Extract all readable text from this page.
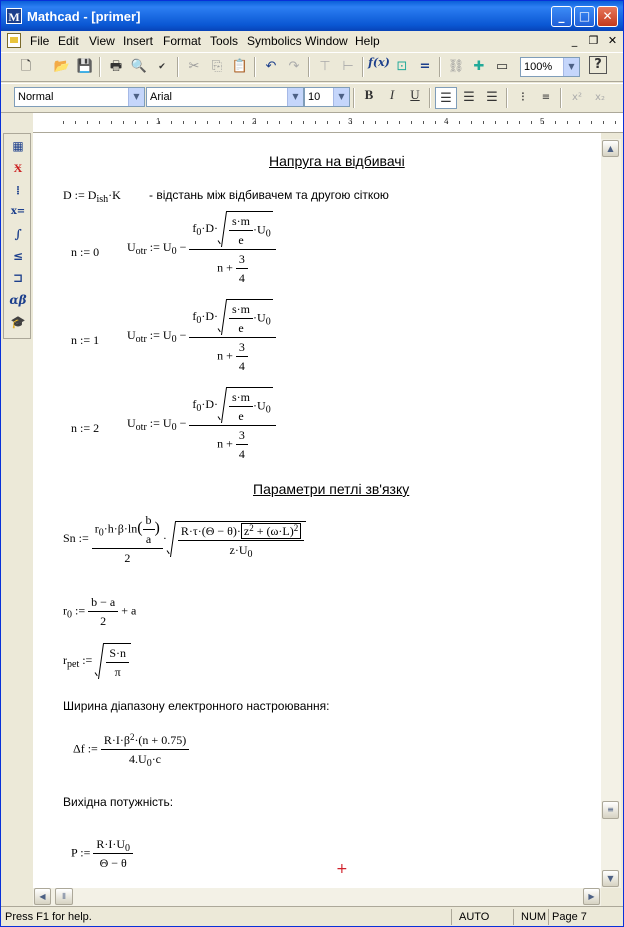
M Mathcad - [primer]	_	□	✕
File Edit View Insert Format Tools Symbolics Window Help	_	❐ ✕
🗋	📂 💾	🖶 🔍	✔	✂ ⎘ 📋	↶ ↷	⊤ ⊢	f(x) ⊡ =	⛓ ✚ ▭	100%	▼	?
Normal	▼ Arial	▼ 10	▼	B	I	U	☰ ☰ ☰	⁝	≡	x²	x₂
1	2	3	4	5
▦
Ӿ
⁞
x=
∫
≤
⊐
αβ
🎓
Напруга на відбивачі
D := $D_{ish}\cdot K$ - відстань між відбивачем та другою сіткою
n := 0 $U_{otr}$ := $U_0 - \frac{f_0\cdot D\cdot \frac{s\cdot m}{e} \cdot U_0}{n + \frac{3}{4}}$
n := 1 $U_{otr}$ := $U_0 - \frac{f_0\cdot D\cdot \frac{s\cdot m}{e} \cdot U_0}{n + \frac{3}{4}}$
n := 2 $U_{otr}$ := $U_0 - \frac{f_0\cdot D\cdot \frac{s\cdot m}{e} \cdot U_0}{n + \frac{3}{4}}$
Параметри петлі зв'язку
Sn := $\frac{r_0\cdot h\cdot\beta\cdot\ln( \frac{b}{a} )}{2} \cdot \frac{R\cdot\tau\cdot(\Theta - \theta)\cdot z^2 + (\omega\cdot L)^2}{z\cdot U_0}$
$r_0$ := $\frac{b - a}{2} + a$
$r_{pet}$ := $\frac{S\cdot n}{\pi}$
Ширина діапазону електронного настроювання:
Δf := $\frac{R\cdot I\cdot\beta^2\cdot(n + 0.75)}{4.U_0\cdot c}$
Вихідна потужність:
P := $\frac{R\cdot I\cdot U_0}{\Theta - \theta}$	+
▲
≡
▼
◀	⦀	▶
Press F1 for help.	AUTO	NUM Page 7
